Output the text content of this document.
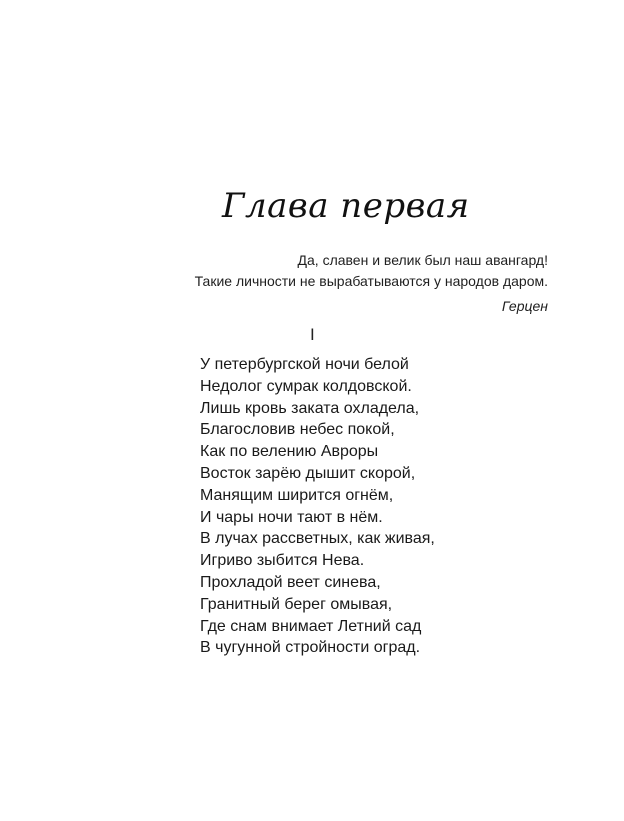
Глава первая
Да, славен и велик был наш авангард!
Такие личности не вырабатываются у народов даром.
Герцен
I
У петербургской ночи белой
Недолог сумрак колдовской.
Лишь кровь заката охладела,
Благословив небес покой,
Как по велению Авроры
Восток зарёю дышит скорой,
Манящим ширится огнём,
И чары ночи тают в нём.
В лучах рассветных, как живая,
Игриво зыбится Нева.
Прохладой веет синева,
Гранитный берег омывая,
Где снам внимает Летний сад
В чугунной стройности оград.
